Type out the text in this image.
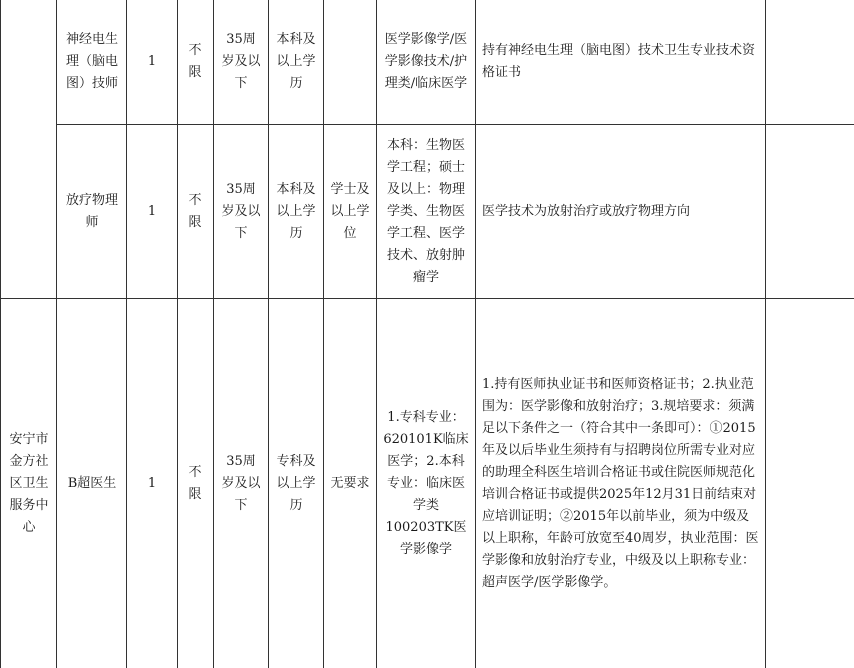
神经电生理（脑电图）技师
1
不限
35周岁及以下
本科及以上学历
医学影像学/医学影像技术/护理类/临床医学
持有神经电生理（脑电图）技术卫生专业技术资格证书
放疗物理师
1
不限
35周岁及以下
本科及以上学历
学士及以上学位
本科：生物医学工程；硕士及以上：物理学类、生物医学工程、医学技术、放射肿瘤学
医学技术为放射治疗或放疗物理方向
安宁市金方社区卫生服务中心
B超医生 1
不限
35周岁及以下
专科及以上学历
无要求
1.专科专业：620101K临床医学；2.本科专业：临床医学类100203TK医学影像学
1.持有医师执业证书和医师资格证书；2.执业范围为：医学影像和放射治疗；3.规培要求：须满足以下条件之一（符合其中一条即可）：①2015年及以后毕业生须持有与招聘岗位所需专业对应的助理全科医生培训合格证书或住院医师规范化培训合格证书或提供2025年12月31日前结束对应培训证明；②2015年以前毕业，须为中级及以上职称，年龄可放宽至40周岁，执业范围：医学影像和放射治疗专业，中级及以上职称专业：超声医学/医学影像学。
